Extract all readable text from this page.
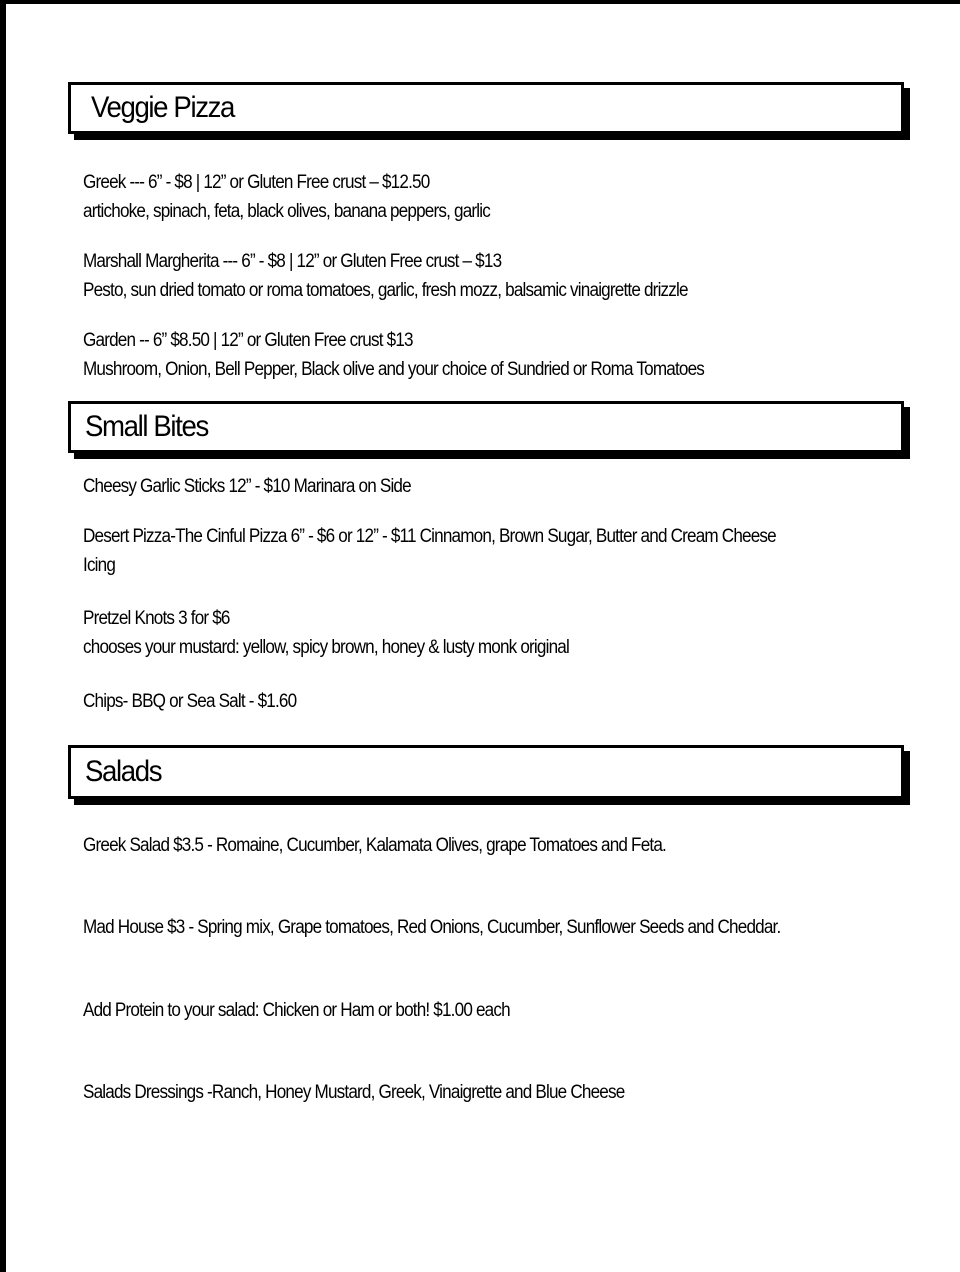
Veggie Pizza
Greek --- 6” - $8 | 12” or Gluten Free crust – $12.50
artichoke, spinach, feta, black olives, banana peppers, garlic
Marshall Margherita --- 6” - $8 | 12” or Gluten Free crust – $13
Pesto, sun dried tomato or roma tomatoes, garlic, fresh mozz, balsamic vinaigrette drizzle
Garden -- 6” $8.50 | 12” or Gluten Free crust $13
Mushroom, Onion, Bell Pepper, Black olive and your choice of Sundried or Roma Tomatoes
Small Bites
Cheesy Garlic Sticks 12” - $10 Marinara on Side
Desert Pizza-The Cinful Pizza 6” - $6 or 12” - $11 Cinnamon, Brown Sugar, Butter and Cream Cheese
Icing
Pretzel Knots 3 for $6
chooses your mustard: yellow, spicy brown, honey & lusty monk original
Chips- BBQ or Sea Salt - $1.60
Salads
Greek Salad $3.5 - Romaine, Cucumber, Kalamata Olives, grape Tomatoes and Feta.
Mad House $3 - Spring mix, Grape tomatoes, Red Onions, Cucumber, Sunflower Seeds and Cheddar.
Add Protein to your salad: Chicken or Ham or both! $1.00 each
Salads Dressings -Ranch, Honey Mustard, Greek, Vinaigrette and Blue Cheese
